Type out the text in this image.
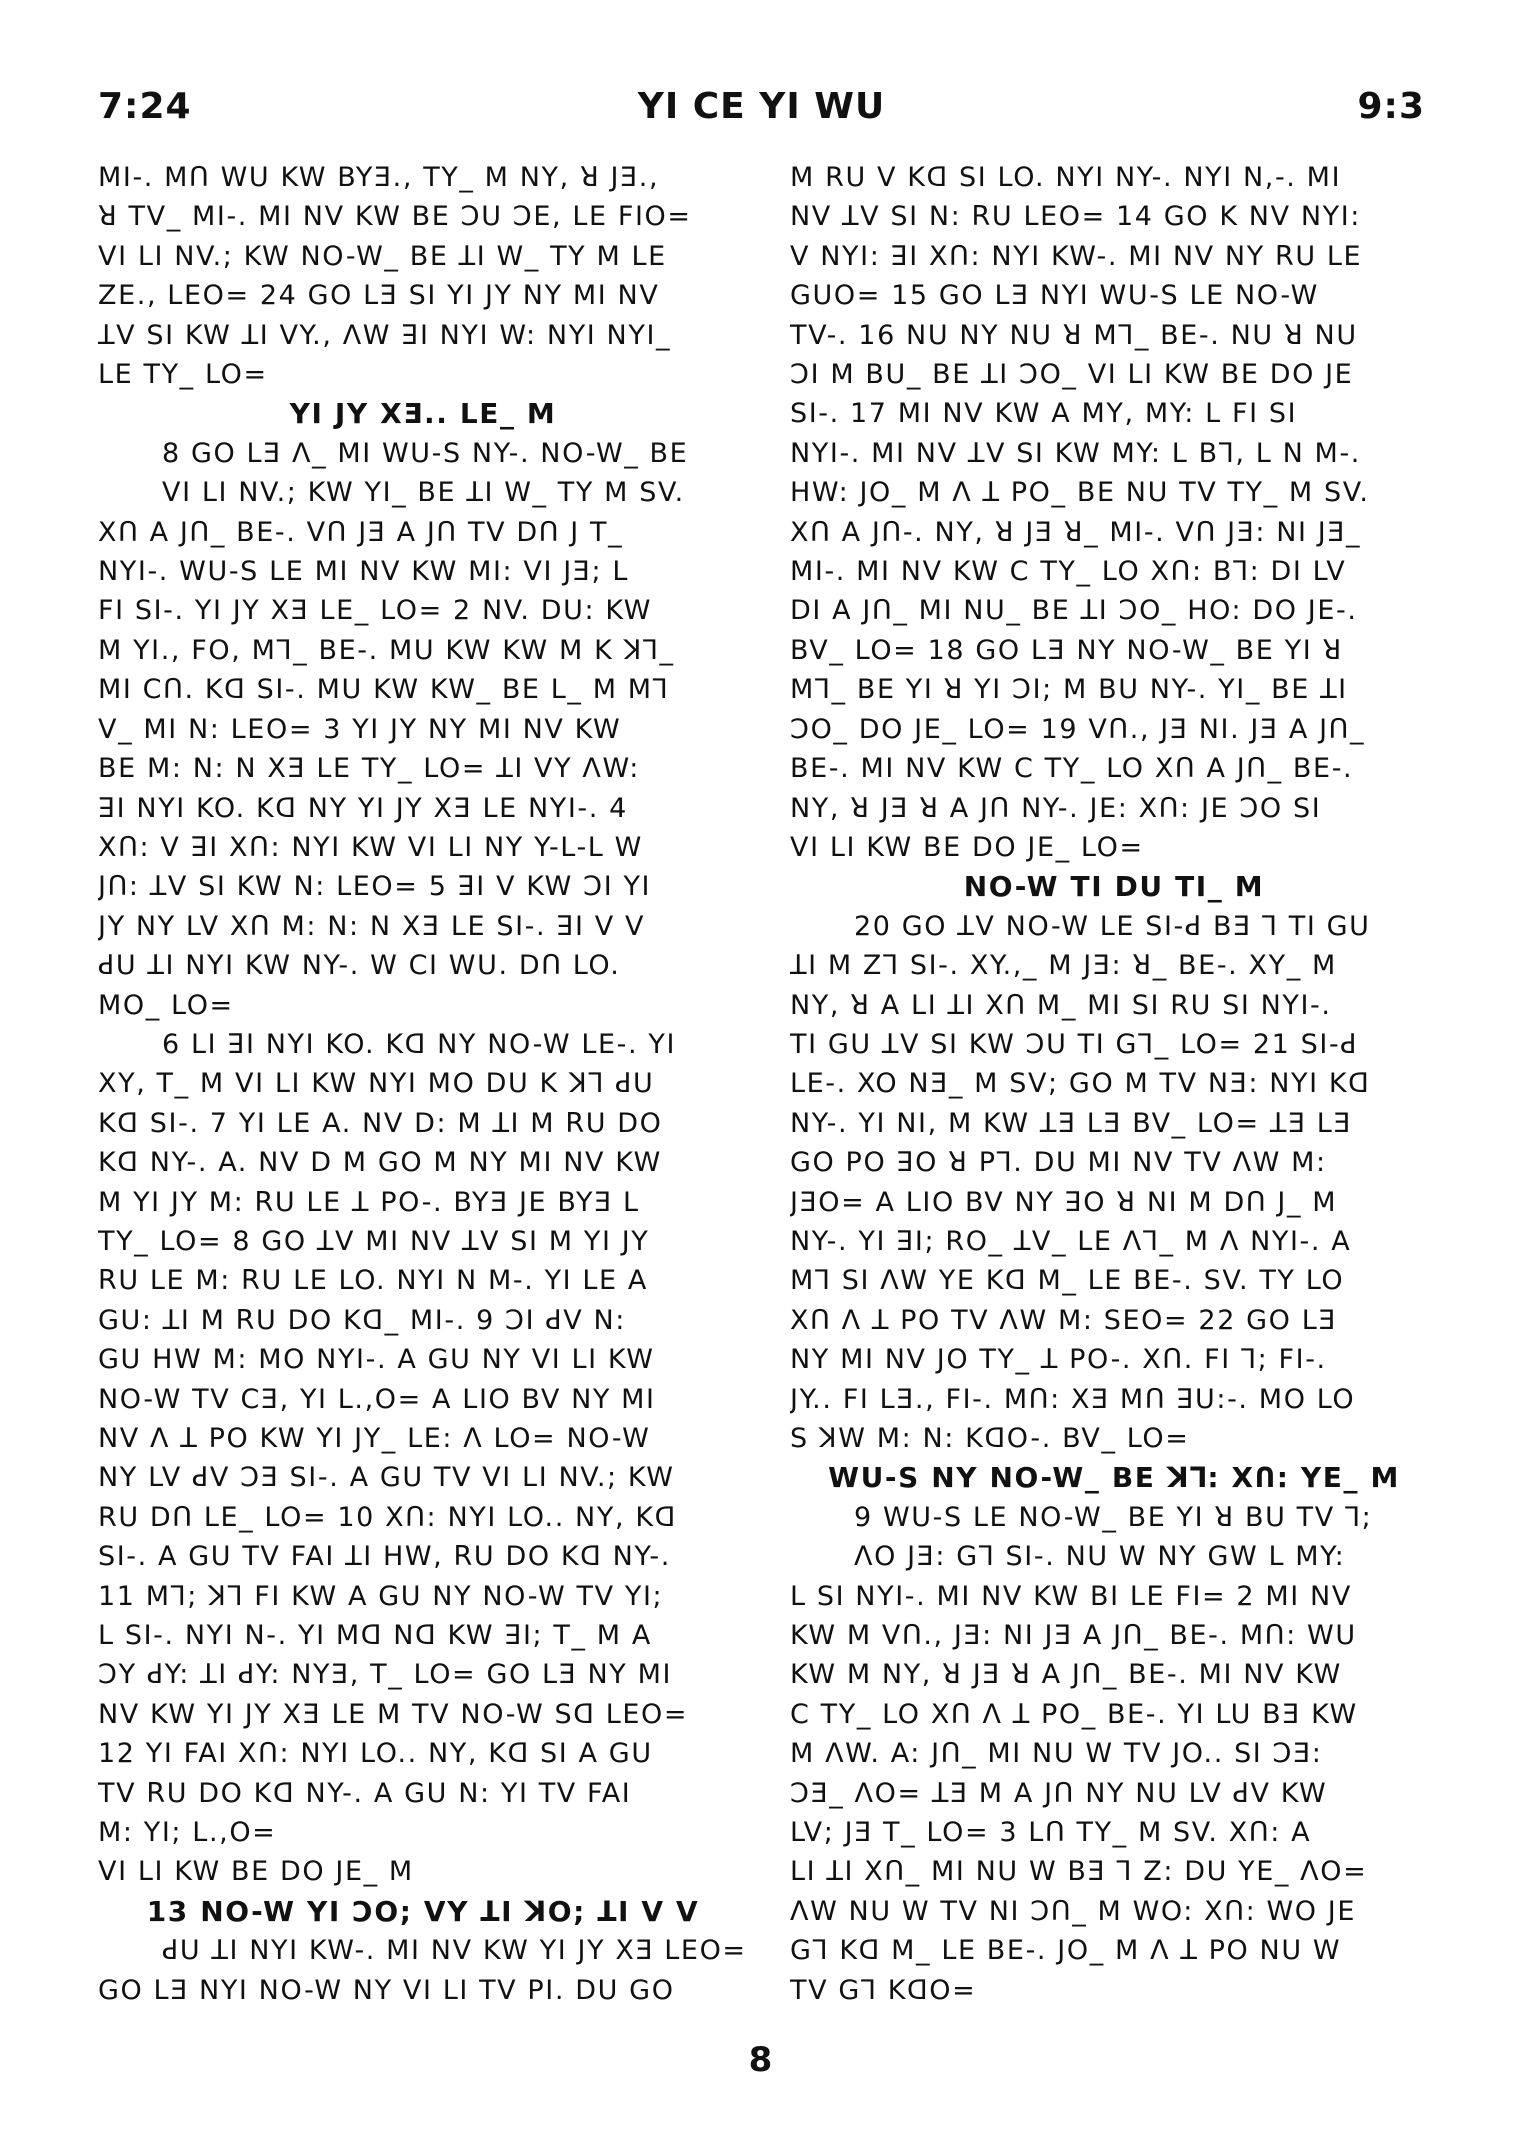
7:24	YI CE YI WU	9:3
MI-. MՈ WU KW BYƎ., TY_ M NY, ꓤ JƎ.,
ꓤ TV_ MI-. MI NV KW BE ƆU ƆE, LE FIO=
VI LI NV.; KW NO-W_ BE ꓕI W_ TY M LE
ZE., LEO= 24 GO LƎ SI YI JY NY MI NV
ꓕV SI KW ꓕI VY., ΛW ꓱI NYI W: NYI NYI_
LE TY_ LO=
YI JY XƎ.. LE_ M
8 GO LƎ Λ_ MI WU-S NY-. NO-W_ BE
VI LI NV.; KW YI_ BE ꓕI W_ TY M SV.
XՈ A JՈ_ BE-. VՈ JƎ A JՈ TV DՈ J T_
NYI-. WU-S LE MI NV KW MI: VI JƎ; L
FI SI-. YI JY XƎ LE_ LO= 2 NV. DU: KW
M YI., FO, M⅂_ BE-. MU KW KW M K ꓘ⅂_
MI CՈ. Kꓷ SI-. MU KW KW_ BE L_ M M⅂
V_ MI N: LEO= 3 YI JY NY MI NV KW
BE M: N: N XƎ LE TY_ LO= ꓕI VY ΛW:
ꓱI NYI KO. Kꓷ NY YI JY XƎ LE NYI-. 4
XՈ: V ꓱI XՈ: NYI KW VI LI NY Y-L-L W
JՈ: ꓕV SI KW N: LEO= 5 ꓱI V KW ƆI YI
JY NY LV XՈ M: N: N XƎ LE SI-. ꓱI V V
ꓒU ꓕI NYI KW NY-. W CI WU. DՈ LO.
MO_ LO=
6 LI ꓱI NYI KO. Kꓷ NY NO-W LE-. YI
XY, T_ M VI LI KW NYI MO DU K ꓘ⅂ ꓒU
Kꓷ SI-. 7 YI LE A. NV D: M ꓕI M ꓣU DO
Kꓷ NY-. A. NV D M GO M NY MI NV KW
M YI JY M: ꓣU LE ꓕ PO-. BYƎ JE BYƎ L
TY_ LO= 8 GO ꓕV MI NV ꓕV SI M YI JY
ꓣU LE M: ꓣU LE LO. NYI N M-. YI LE A
GU: ꓕI M ꓣU DO Kꓷ_ MI-. 9 ƆI ꓒV N:
GU HW M: MO NYI-. A GU NY VI LI KW
NO-W TV CƎ, YI L.,O= A LIO BV NY MI
NV Λ ꓕ PO KW YI JY_ LE: Λ LO= NO-W
NY LV ꓒV ƆƎ SI-. A GU TV VI LI NV.; KW
RU DՈ LE_ LO= 10 XՈ: NYI LO.. NY, Kꓷ
SI-. A GU TV FAI ꓕI HW, ꓣU DO Kꓷ NY-.
11 M⅂; ꓘ⅂ FI KW A GU NY NO-W TV YI;
L SI-. NYI N-. YI Mꓷ Nꓷ KW ꓱI; T_ M A
ƆY ꓒY: ꓕI ꓒY: NYƎ, T_ LO= GO LƎ NY MI
NV KW YI JY XƎ LE M TV NO-W Sꓷ LEO=
12 YI FAI XՈ: NYI LO.. NY, Kꓷ SI A GU
TV ꓣU DO Kꓷ NY-. A GU N: YI TV FAI
M: YI; L.,O=
VI LI KW BE DO JE_ M
13 NO-W YI ƆO; VY ꓕI ꓘO; ꓕI V V
ꓒU ꓕI NYI KW-. MI NV KW YI JY XƎ LEO=
GO LƎ NYI NO-W NY VI LI TV PI. DU GO
M RU V Kꓷ SI LO. NYI NY-. NYI N,-. MI
NV ꓕV SI N: ꓣU LEO= 14 GO K NV NYI:
V NYI: ꓱI XՈ: NYI KW-. MI NV NY ꓣU LE
GUO= 15 GO LƎ NYI WU-S LE NO-W
TV-. 16 NU NY NU ꓤ M⅂_ BE-. NU ꓤ NU
ƆI M BU_ BE ꓕI ƆO_ VI LI KW BE DO JE
SI-. 17 MI NV KW A MY, MY: L FI SI
NYI-. MI NV ꓕV SI KW MY: L B⅂, L N M-.
HW: JO_ M Λ ꓕ PO_ BE NU TV TY_ M SV.
XՈ A JՈ-. NY, ꓤ JƎ ꓤ_ MI-. VՈ JƎ: NI JƎ_
MI-. MI NV KW C TY_ LO XՈ: B⅂: DI LV
DI A JՈ_ MI NU_ BE ꓕI ƆO_ HO: DO JE-.
BV_ LO= 18 GO LƎ NY NO-W_ BE YI ꓤ
M⅂_ BE YI ꓤ YI ƆI; M BU NY-. YI_ BE ꓕI
ƆO_ DO JE_ LO= 19 VՈ., JƎ NI. JƎ A JՈ_
BE-. MI NV KW C TY_ LO XՈ A JՈ_ BE-.
NY, ꓤ JƎ ꓤ A JՈ NY-. JE: XՈ: JE ƆO SI
VI LI KW BE DO JE_ LO=
NO-W TI DU TI_ M
20 GO ꓕV NO-W LE SI-ꓒ BƎ ⅂ TI GU
ꓕI M Z⅂ SI-. XY.,_ M JƎ: ꓤ_ BE-. XY_ M
NY, ꓤ A LI ꓕI XՈ M_ MI SI RU SI NYI-.
TI GU ꓕV SI KW ƆU TI G⅂_ LO= 21 SI-ꓒ
LE-. XO NƎ_ M SV; GO M TV NƎ: NYI Kꓷ
NY-. YI NI, M KW ꓕƎ LƎ BV_ LO= ꓕƎ LƎ
GO PO ꓱO ꓤ P⅂. DU MI NV TV ΛW M:
JƎO= A LIO BV NY ꓱO ꓤ NI M DՈ J_ M
NY-. YI ꓱI; RO_ ꓕV_ LE Λ⅂_ M Λ NYI-. A
M⅂ SI ΛW YE Kꓷ M_ LE BE-. SV. TY LO
XՈ Λ ꓕ PO TV ΛW M: SEO= 22 GO LƎ
NY MI NV JO TY_ ꓕ PO-. XՈ. FI ⅂; FI-.
JY.. FI LƎ., FI-. MՈ: XƎ MՈ ꓱU:-. MO LO
S ꓘW M: N: KꓷO-. BV_ LO=
WU-S NY NO-W_ BE ꓘ⅂: XՈ: YE_ M
9 WU-S LE NO-W_ BE YI ꓤ BU TV ⅂;
ΛO JƎ: G⅂ SI-. NU W NY GW L MY:
L SI NYI-. MI NV KW BI LE FI= 2 MI NV
KW M VՈ., JƎ: NI JƎ A JՈ_ BE-. MՈ: WU
KW M NY, ꓤ JƎ ꓤ A JՈ_ BE-. MI NV KW
C TY_ LO XՈ Λ ꓕ PO_ BE-. YI LU BƎ KW
M ΛW. A: JՈ_ MI NU W TV JO.. SI ƆƎ:
ƆƎ_ ΛO= ꓕƎ M A JՈ NY NU LV ꓒV KW
LV; JƎ T_ LO= 3 LՈ TY_ M SV. XՈ: A
LI ꓕI XՈ_ MI NU W BƎ ⅂ Z: DU YE_ ΛO=
ΛW NU W TV NI ƆՈ_ M WO: XՈ: WO JE
G⅂ Kꓷ M_ LE BE-. JO_ M Λ ꓕ PO NU W
TV G⅂ KꓷO=
8
